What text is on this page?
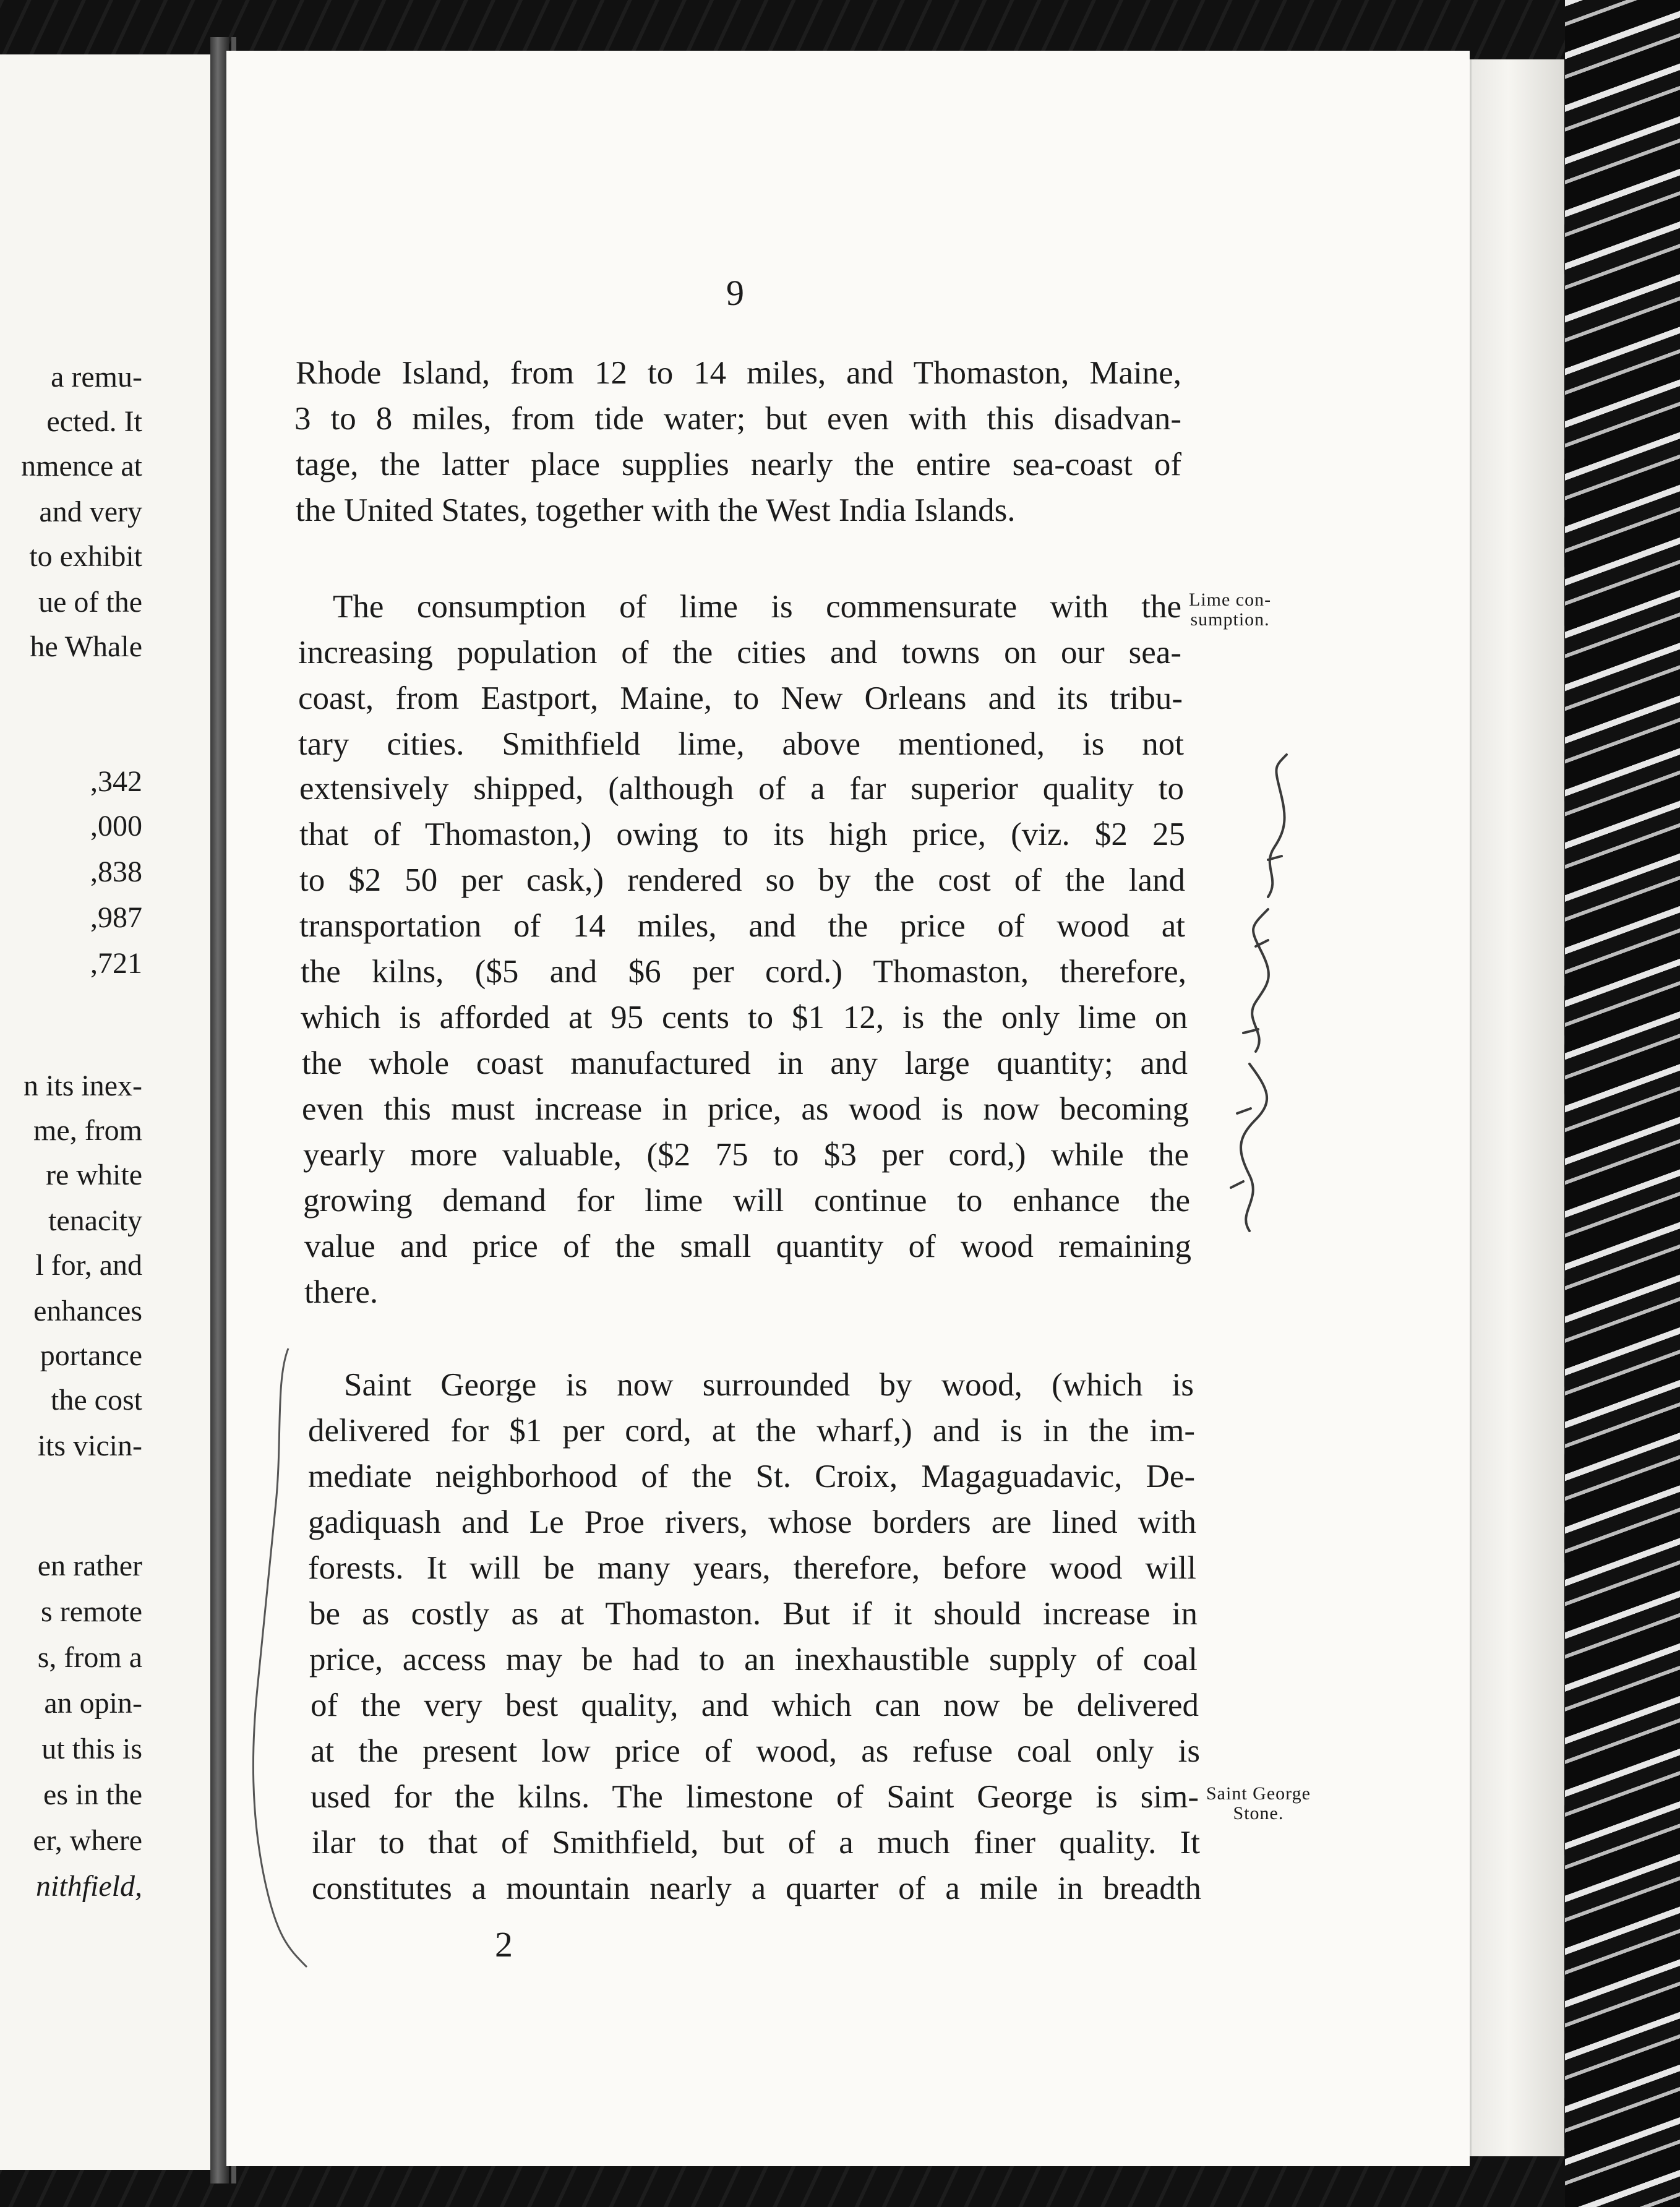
a remu-
ected. It
nmence at
and very
to exhibit
ue of the
he Whale
,342
,000
,838
,987
,721
n its inex-
me, from
re white
tenacity
l for, and
enhances
portance
the cost
its vicin-
en rather
s remote
s, from a
an opin-
ut this is
es in the
er, where
nithfield,
9
Rhode Island, from 12 to 14 miles, and Thomaston, Maine,
3 to 8 miles, from tide water; but even with this disadvan-
tage, the latter place supplies nearly the entire sea-coast of
the United States, together with the West India Islands.
The consumption of lime is commensurate with the
increasing population of the cities and towns on our sea-
coast, from Eastport, Maine, to New Orleans and its tribu-
tary cities. Smithfield lime, above mentioned, is not
extensively shipped, (although of a far superior quality to
that of Thomaston,) owing to its high price, (viz. $2 25
to $2 50 per cask,) rendered so by the cost of the land
transportation of 14 miles, and the price of wood at
the kilns, ($5 and $6 per cord.) Thomaston, therefore,
which is afforded at 95 cents to $1 12, is the only lime on
the whole coast manufactured in any large quantity; and
even this must increase in price, as wood is now becoming
yearly more valuable, ($2 75 to $3 per cord,) while the
growing demand for lime will continue to enhance the
value and price of the small quantity of wood remaining
there.
Saint George is now surrounded by wood, (which is
delivered for $1 per cord, at the wharf,) and is in the im-
mediate neighborhood of the St. Croix, Magaguadavic, De-
gadiquash and Le Proe rivers, whose borders are lined with
forests. It will be many years, therefore, before wood will
be as costly as at Thomaston. But if it should increase in
price, access may be had to an inexhaustible supply of coal
of the very best quality, and which can now be delivered
at the present low price of wood, as refuse coal only is
used for the kilns. The limestone of Saint George is sim-
ilar to that of Smithfield, but of a much finer quality. It
constitutes a mountain nearly a quarter of a mile in breadth
Lime con-
sumption.
Saint George
Stone.
2
